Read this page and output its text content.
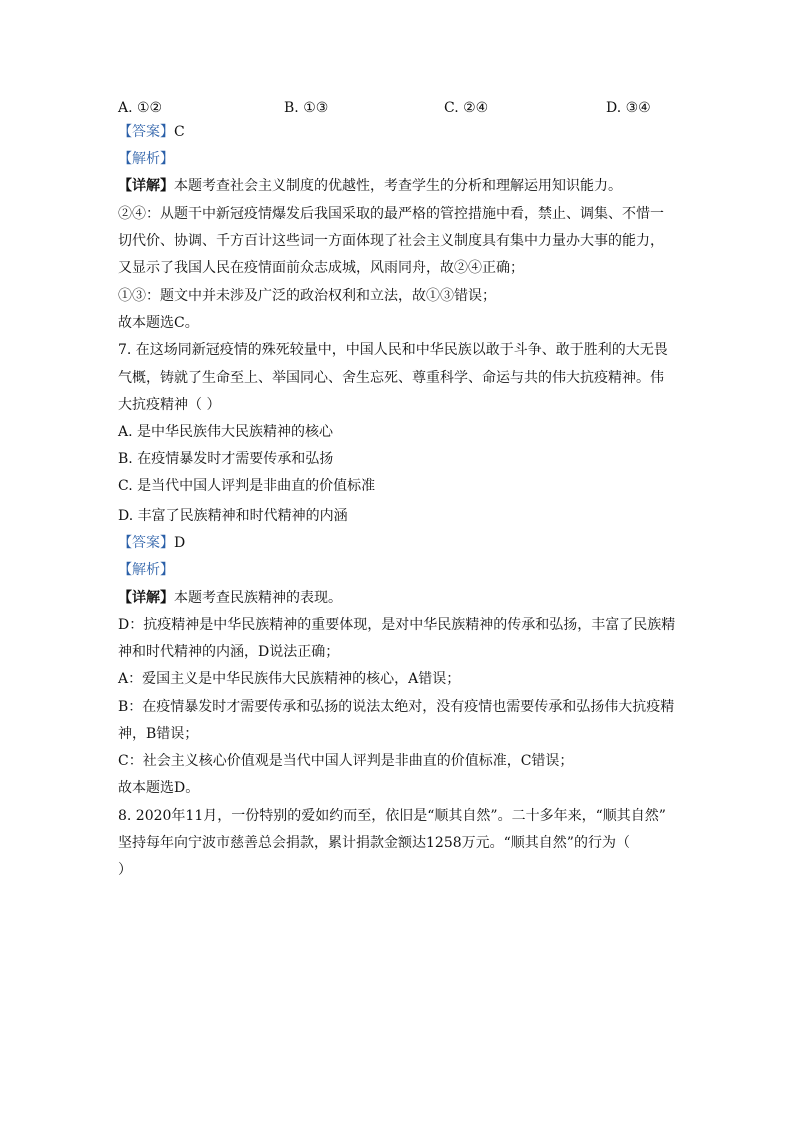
A. ①②	B. ①③	C. ②④	D. ③④
【答案】C
【解析】
【详解】本题考查社会主义制度的优越性，考查学生的分析和理解运用知识能力。
②④：从题干中新冠疫情爆发后我国采取的最严格的管控措施中看，禁止、调集、不惜一
切代价、协调、千方百计这些词一方面体现了社会主义制度具有集中力量办大事的能力，
又显示了我国人民在疫情面前众志成城，风雨同舟，故②④正确；
①③：题文中并未涉及广泛的政治权利和立法，故①③错误；
故本题选C。
7. 在这场同新冠疫情的殊死较量中，中国人民和中华民族以敢于斗争、敢于胜利的大无畏
气概，铸就了生命至上、举国同心、舍生忘死、尊重科学、命运与共的伟大抗疫精神。伟
大抗疫精神（ ）
A. 是中华民族伟大民族精神的核心
B. 在疫情暴发时才需要传承和弘扬
C. 是当代中国人评判是非曲直的价值标准
D. 丰富了民族精神和时代精神的内涵
【答案】D
【解析】
【详解】本题考查民族精神的表现。
D：抗疫精神是中华民族精神的重要体现，是对中华民族精神的传承和弘扬，丰富了民族精
神和时代精神的内涵，D说法正确；
A：爱国主义是中华民族伟大民族精神的核心，A错误；
B：在疫情暴发时才需要传承和弘扬的说法太绝对，没有疫情也需要传承和弘扬伟大抗疫精
神，B错误；
C：社会主义核心价值观是当代中国人评判是非曲直的价值标准，C错误；
故本题选D。
8. 2020年11月，一份特别的爱如约而至，依旧是“顺其自然”。二十多年来，“顺其自然”
坚持每年向宁波市慈善总会捐款，累计捐款金额达1258万元。“顺其自然”的行为（
）
